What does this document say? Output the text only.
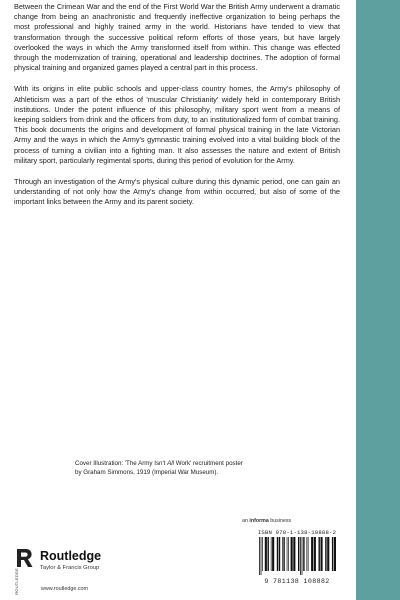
Between the Crimean War and the end of the First World War the British Army underwent a dramatic change from being an anachronistic and frequently ineffective organization to being perhaps the most professional and highly trained army in the world. Historians have tended to view that transformation through the successive political reform efforts of those years, but have largely overlooked the ways in which the Army transformed itself from within. This change was effected through the modernization of training, operational and leadership doctrines. The adoption of formal physical training and organized games played a central part in this process.

With its origins in elite public schools and upper-class country homes, the Army's philosophy of Athleticism was a part of the ethos of 'muscular Christianity' widely held in contemporary British institutions. Under the potent influence of this philosophy, military sport went from a means of keeping soldiers from drink and the officers from duty, to an institutionalized form of combat training. This book documents the origins and development of formal physical training in the late Victorian Army and the ways in which the Army's gymnastic training evolved into a vital building block of the process of turning a civilian into a fighting man. It also assesses the nature and extent of British military sport, particularly regimental sports, during this period of evolution for the Army.

Through an investigation of the Army's physical culture during this dynamic period, one can gain an understanding of not only how the Army's change from within occurred, but also of some of the important links between the Army and its parent society.

Cover Illustration: 'The Army Isn't All Work' recruitment poster
by Graham Simmons, 1919 (Imperial War Museum).
an informa business
ISBN 978-1-138-10888-2
9 781138 108882
ROUTLEDGE
Routledge
Taylor & Francis Group
www.routledge.com
